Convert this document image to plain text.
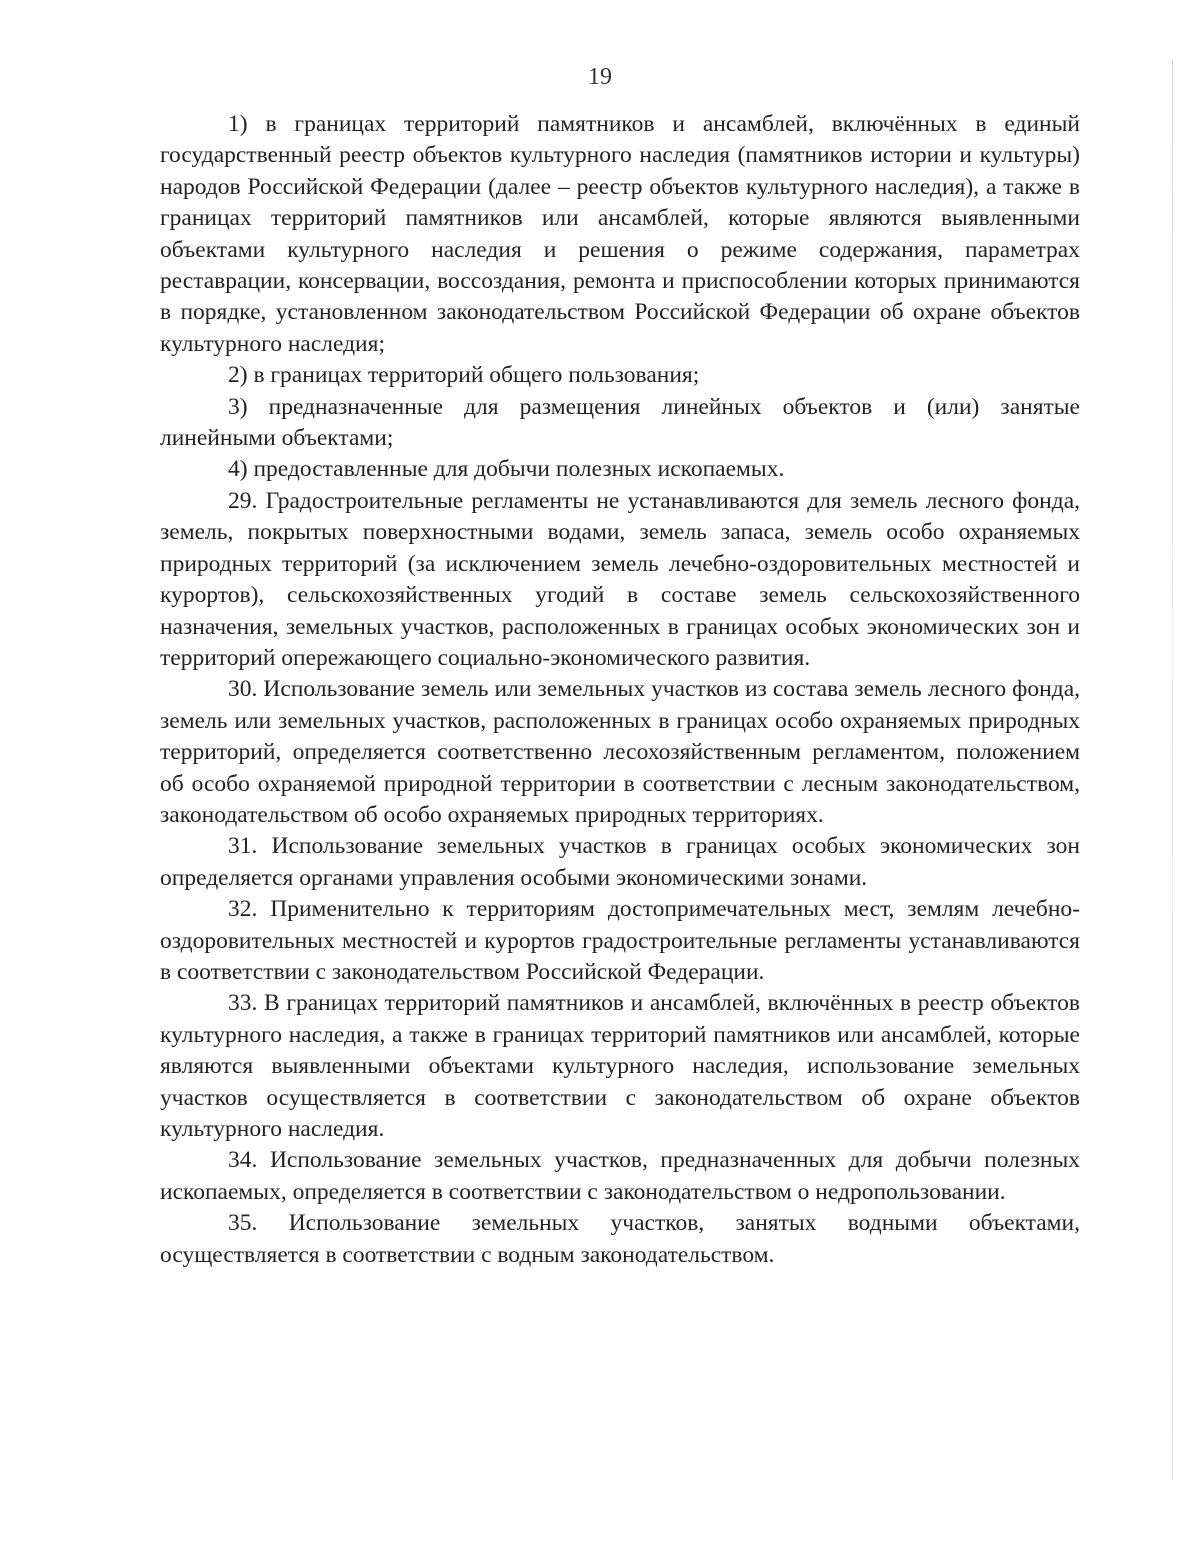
19

1) в границах территорий памятников и ансамблей, включённых в единый государственный реестр объектов культурного наследия (памятников истории и культуры) народов Российской Федерации (далее – реестр объектов культурного наследия), а также в границах территорий памятников или ансамблей, которые являются выявленными объектами культурного наследия и решения о режиме содержания, параметрах реставрации, консервации, воссоздания, ремонта и приспособлении которых принимаются в порядке, установленном законодательством Российской Федерации об охране объектов культурного наследия;

2) в границах территорий общего пользования;

3) предназначенные для размещения линейных объектов и (или) занятые линейными объектами;

4) предоставленные для добычи полезных ископаемых.

29. Градостроительные регламенты не устанавливаются для земель лесного фонда, земель, покрытых поверхностными водами, земель запаса, земель особо охраняемых природных территорий (за исключением земель лечебно-оздоровительных местностей и курортов), сельскохозяйственных угодий в составе земель сельскохозяйственного назначения, земельных участков, расположенных в границах особых экономических зон и территорий опережающего социально-экономического развития.

30. Использование земель или земельных участков из состава земель лесного фонда, земель или земельных участков, расположенных в границах особо охраняемых природных территорий, определяется соответственно лесохозяйственным регламентом, положением об особо охраняемой природной территории в соответствии с лесным законодательством, законодательством об особо охраняемых природных территориях.

31. Использование земельных участков в границах особых экономических зон определяется органами управления особыми экономическими зонами.

32. Применительно к территориям достопримечательных мест, землям лечебно-оздоровительных местностей и курортов градостроительные регламенты устанавливаются в соответствии с законодательством Российской Федерации.

33. В границах территорий памятников и ансамблей, включённых в реестр объектов культурного наследия, а также в границах территорий памятников или ансамблей, которые являются выявленными объектами культурного наследия, использование земельных участков осуществляется в соответствии с законодательством об охране объектов культурного наследия.

34. Использование земельных участков, предназначенных для добычи полезных ископаемых, определяется в соответствии с законодательством о недропользовании.

35. Использование земельных участков, занятых водными объектами, осуществляется в соответствии с водным законодательством.
